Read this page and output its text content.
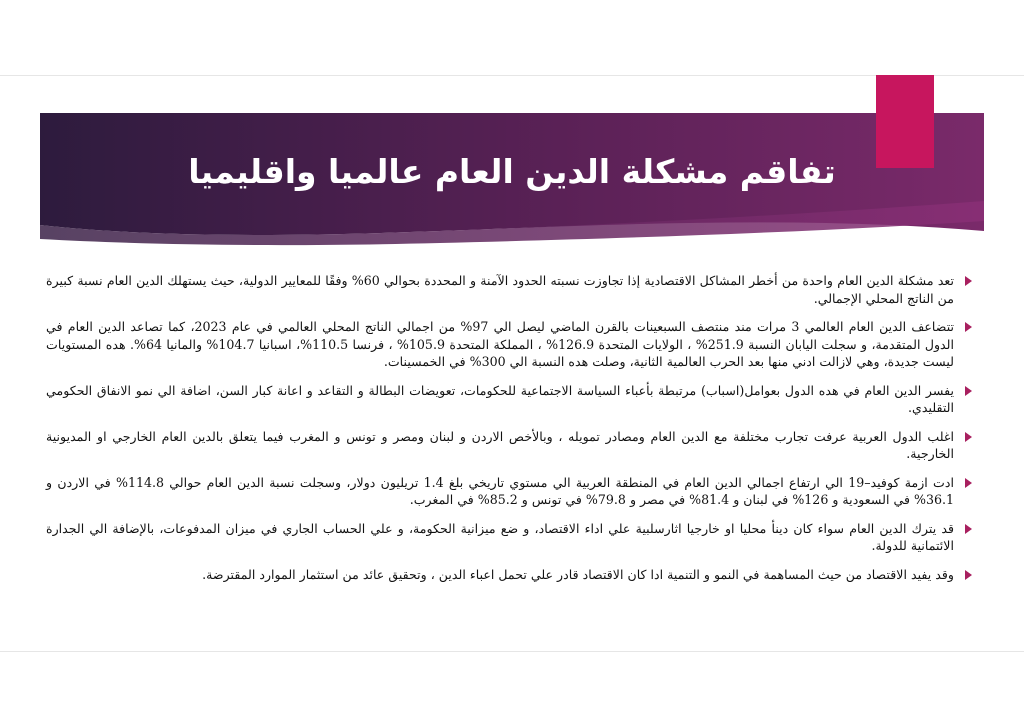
تفاقم مشكلة الدين العام عالميا واقليميا
تعد مشكلة الدين العام واحدة من أخطر المشاكل الاقتصادية إذا تجاوزت نسبته الحدود الآمنة و المحددة بحوالي 60% وفقًا للمعايير الدولية، حيث يستهلك الدين العام نسبة كبيرة من الناتج المحلي الإجمالي.
تتضاعف الدين العام العالمي 3 مرات مند منتصف السبعينات بالقرن الماضي ليصل الي 97% من اجمالي الناتج المحلي العالمي في عام 2023، كما تصاعد الدين العام في الدول المتقدمة، و سجلت اليابان النسبة 251.9% ، الولايات المتحدة 126.9% ، المملكة المتحدة 105.9% ، فرنسا 110.5%، اسبانيا 104.7% والمانيا 64%. هده المستويات ليست جديدة، وهي لازالت ادني منها بعد الحرب العالمية الثانية، وصلت هده النسبة الي 300% في الخمسينات.
يفسر الدين العام في هده الدول بعوامل(اسباب) مرتبطة بأعباء السياسة الاجتماعية للحكومات، تعويضات البطالة و التقاعد و اعانة كبار السن، اضافة الي نمو الانفاق الحكومي التقليدي.
اغلب الدول العربية عرفت تجارب مختلفة مع الدين العام ومصادر تمويله ، وبالأخص الاردن و لبنان ومصر و تونس و المغرب فيما يتعلق بالدين العام الخارجي او المديونية الخارجية.
ادت ازمة كوفيد–19 الي ارتفاع اجمالي الدين العام في المنطقة العربية الي مستوي تاريخي بلغ 1.4 تريليون دولار، وسجلت نسبة الدين العام حوالي 114.8% في الاردن و 36.1% في السعودية و 126% في لبنان و 81.4% في مصر و 79.8% في تونس و 85.2% في المغرب.
قد يترك الدين العام سواء كان دينأ محليا او خارجيا اثارسلبية علي اداء الاقتصاد، و ضع ميزانية الحكومة، و علي الحساب الجاري في ميزان المدفوعات، بالإضافة الي الجدارة الائتمانية للدولة.
وقد يفيد الاقتصاد من حيث المساهمة في النمو و التنمية ادا كان الاقتصاد قادر علي تحمل اعباء الدين ، وتحقيق عائد من استثمار الموارد المقترضة.
